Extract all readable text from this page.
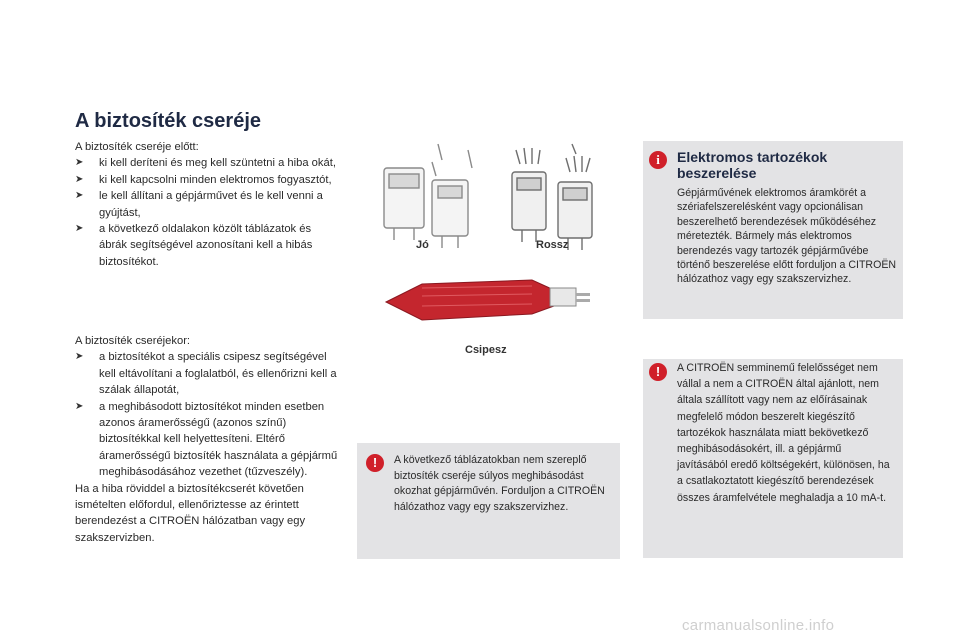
A biztosíték cseréje

A biztosíték cseréje előtt:

➤ ki kell deríteni és meg kell szüntetni a hiba okát,
➤ ki kell kapcsolni minden elektromos fogyasztót,
➤ le kell állítani a gépjárművet és le kell venni a gyújtást,
➤ a következő oldalakon közölt táblázatok és ábrák segítségével azonosítani kell a hibás biztosítékot.

A biztosíték cseréjekor:

➤ a biztosítékot a speciális csipesz segítségével kell eltávolítani a foglalatból, és ellenőrizni kell a szálak állapotát,
➤ a meghibásodott biztosítékot minden esetben azonos áramerősségű (azonos színű) biztosítékkal kell helyettesíteni. Eltérő áramerősségű biztosíték használata a gépjármű meghibásodásához vezethet (tűzveszély).

Ha a hiba röviddel a biztosítékcserét követően ismételten előfordul, ellenőriztesse az érintett berendezést a CITROËN hálózatban vagy egy szakszervizben.

Jó	Rossz
Csipesz
!	A következő táblázatokban nem szereplő biztosíték cseréje súlyos meghibásodást okozhat gépjárművén. Forduljon a CITROËN hálózathoz vagy egy szakszervizhez.
i	Elektromos tartozékok beszerelése
Gépjárművének elektromos áramkörét a szériafelszerelésként vagy opcionálisan beszerelhető berendezések működéséhez méretezték. Bármely más elektromos berendezés vagy tartozék gépjárművébe történő beszerelése előtt forduljon a CITROËN hálózathoz vagy egy szakszervizhez.
!	A CITROËN semminemű felelősséget nem vállal a nem a CITROËN által ajánlott, nem általa szállított vagy nem az előírásainak megfelelő módon beszerelt kiegészítő tartozékok használata miatt bekövetkező meghibásodásokért, ill. a gépjármű javításából eredő költségekért, különösen, ha a csatlakoztatott kiegészítő berendezések összes áramfelvétele meghaladja a 10 mA-t.
carmanualsonline.info
